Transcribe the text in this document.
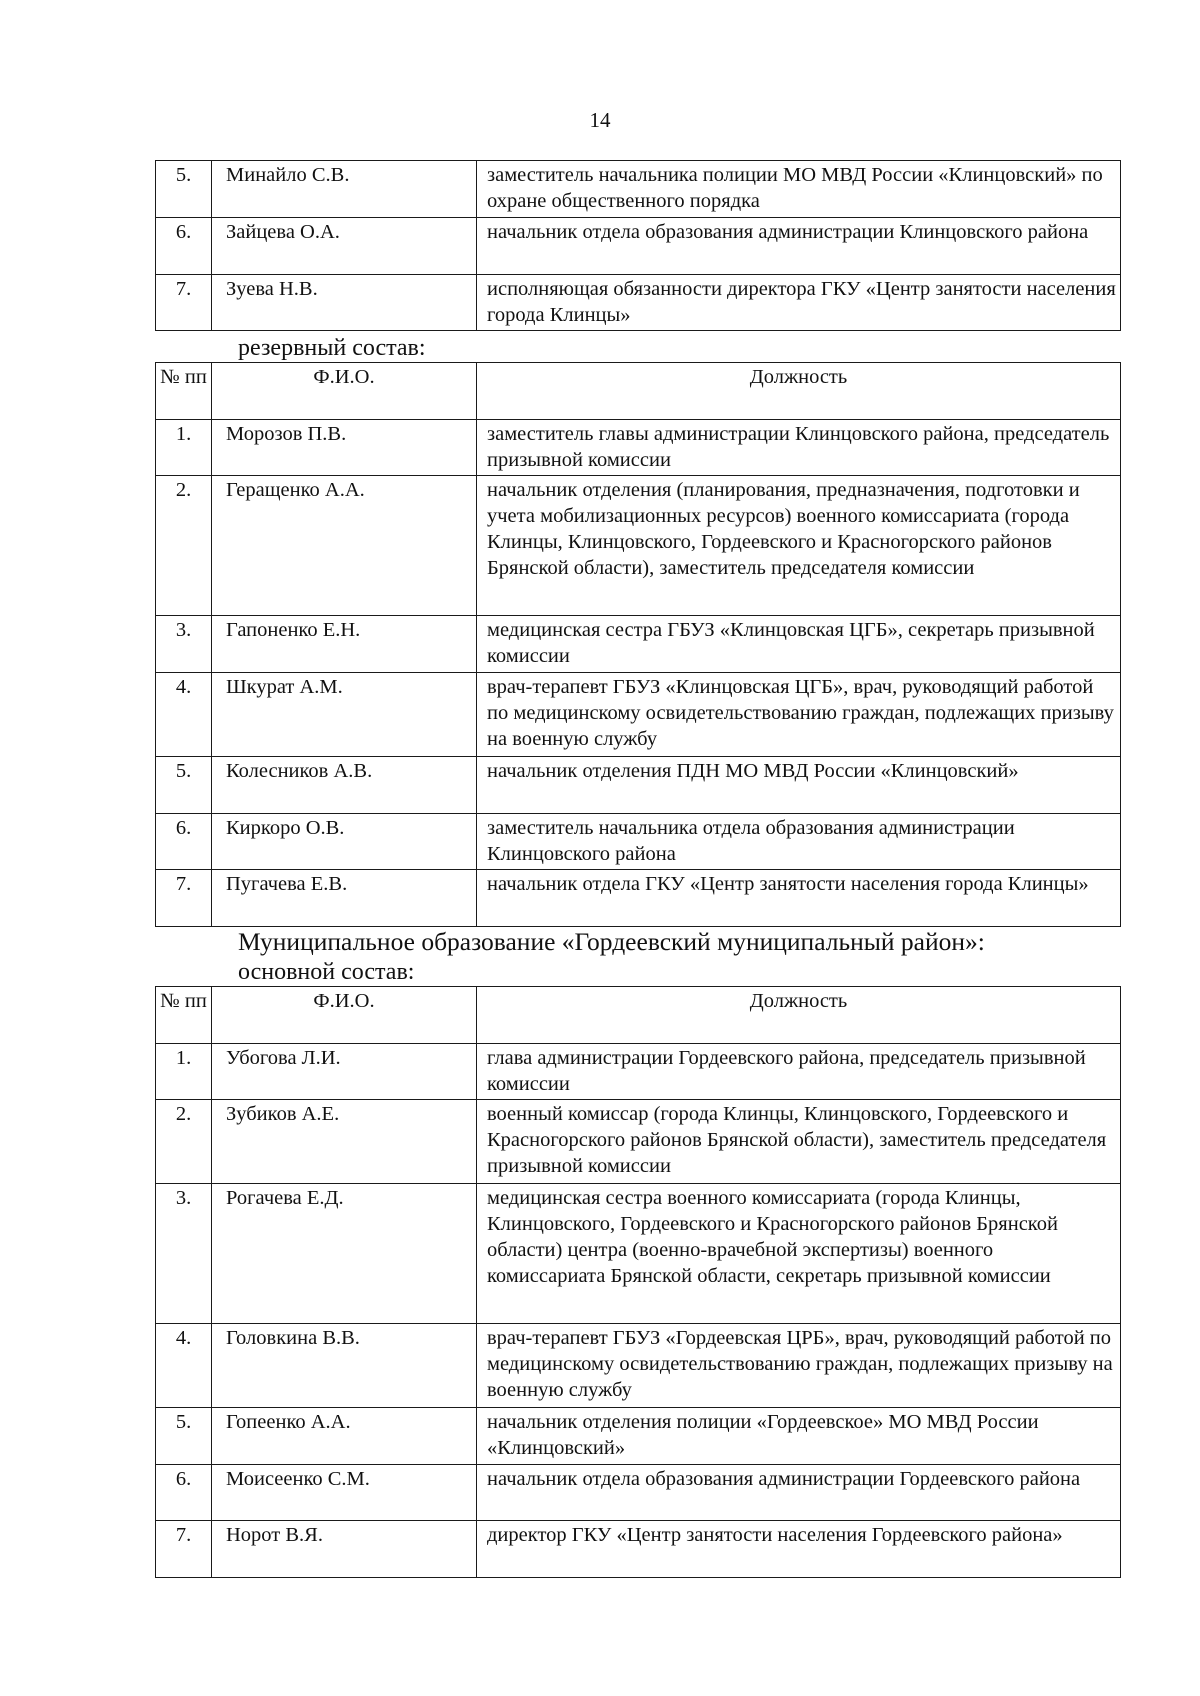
14
5.	Минайло С.В.	заместитель начальника полиции МО МВД России «Клинцовский» по охране общественного порядка
6.	Зайцева О.А.	начальник отдела образования администрации Клинцовского района
7.	Зуева Н.В.	исполняющая обязанности директора ГКУ «Центр занятости населения города Клинцы»
резервный состав:
№ пп	Ф.И.О.	Должность
1.	Морозов П.В.	заместитель главы администрации Клинцовского района, председатель призывной комиссии
2.	Геращенко А.А.	начальник отделения (планирования, предназначения, подготовки и учета мобилизационных ресурсов) военного комиссариата (города Клинцы, Клинцовского, Гордеевского и Красногорского районов Брянской области), заместитель председателя комиссии
3.	Гапоненко Е.Н.	медицинская сестра ГБУЗ «Клинцовская ЦГБ», секретарь призывной комиссии
4.	Шкурат А.М.	врач-терапевт ГБУЗ «Клинцовская ЦГБ», врач, руководящий работой по медицинскому освидетельствованию граждан, подлежащих призыву на военную службу
5.	Колесников А.В.	начальник отделения ПДН МО МВД России «Клинцовский»
6.	Киркоро О.В.	заместитель начальника отдела образования администрации Клинцовского района
7.	Пугачева Е.В.	начальник отдела ГКУ «Центр занятости населения города Клинцы»
Муниципальное образование «Гордеевский муниципальный район»:
основной состав:
№ пп	Ф.И.О.	Должность
1.	Убогова Л.И.	глава администрации Гордеевского района, председатель призывной комиссии
2.	Зубиков А.Е.	военный комиссар (города Клинцы, Клинцовского, Гордеевского и Красногорского районов Брянской области), заместитель председателя призывной комиссии
3.	Рогачева Е.Д.	медицинская сестра военного комиссариата (города Клинцы, Клинцовского, Гордеевского и Красногорского районов Брянской области) центра (военно-врачебной экспертизы) военного комиссариата Брянской области, секретарь призывной комиссии
4.	Головкина В.В.	врач-терапевт ГБУЗ «Гордеевская ЦРБ», врач, руководящий работой по медицинскому освидетельствованию граждан, подлежащих призыву на военную службу
5.	Гопеенко А.А.	начальник отделения полиции «Гордеевское» МО МВД России «Клинцовский»
6.	Моисеенко С.М.	начальник отдела образования администрации Гордеевского района
7.	Норот В.Я.	директор ГКУ «Центр занятости населения Гордеевского района»
